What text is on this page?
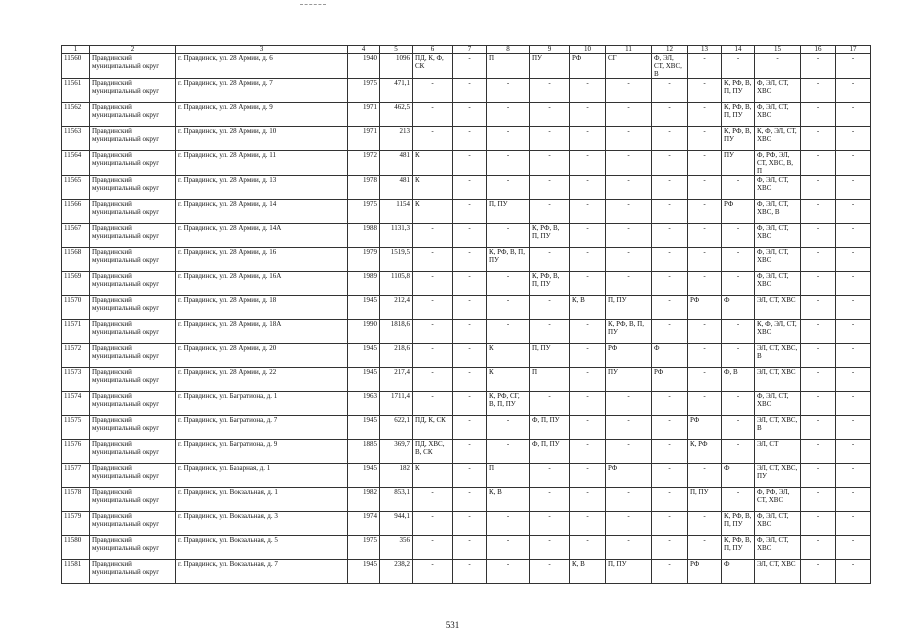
1	2	3	4	5	6	7	8	9	10	11	12	13	14	15	16	17
11560	Правдинский муниципальный округ	г. Правдинск, ул. 28 Армии, д. 6	1940	1096	ПД, К, Ф, СК	-	П	ПУ	РФ	СГ	Ф, ЭЛ, СТ, ХВС, В	-	-	-	-	-
11561	Правдинский муниципальный округ	г. Правдинск, ул. 28 Армии, д. 7	1975	471,1	-	-	-	-	-	-	-	-	К, РФ, В, П, ПУ	Ф, ЭЛ, СТ, ХВС	-	-
11562	Правдинский муниципальный округ	г. Правдинск, ул. 28 Армии, д. 9	1971	462,5	-	-	-	-	-	-	-	-	К, РФ, В, П, ПУ	Ф, ЭЛ, СТ, ХВС	-	-
11563	Правдинский муниципальный округ	г. Правдинск, ул. 28 Армии, д. 10	1971	213	-	-	-	-	-	-	-	-	К, РФ, В, ПУ	К, Ф, ЭЛ, СТ, ХВС	-	-
11564	Правдинский муниципальный округ	г. Правдинск, ул. 28 Армии, д. 11	1972	481	К	-	-	-	-	-	-	-	ПУ	Ф, РФ, ЭЛ, СТ, ХВС, В, П	-	-
11565	Правдинский муниципальный округ	г. Правдинск, ул. 28 Армии, д. 13	1978	481	К	-	-	-	-	-	-	-	-	Ф, ЭЛ, СТ, ХВС	-	-
11566	Правдинский муниципальный округ	г. Правдинск, ул. 28 Армии, д. 14	1975	1154	К	-	П, ПУ	-	-	-	-	-	РФ	Ф, ЭЛ, СТ, ХВС, В	-	-
11567	Правдинский муниципальный округ	г. Правдинск, ул. 28 Армии, д. 14А	1988	1131,3	-	-	-	К, РФ, В, П, ПУ	-	-	-	-	-	Ф, ЭЛ, СТ, ХВС	-	-
11568	Правдинский муниципальный округ	г. Правдинск, ул. 28 Армии, д. 16	1979	1519,5	-	-	К, РФ, В, П, ПУ	-	-	-	-	-	-	Ф, ЭЛ, СТ, ХВС	-	-
11569	Правдинский муниципальный округ	г. Правдинск, ул. 28 Армии, д. 16А	1989	1105,8	-	-	-	К, РФ, В, П, ПУ	-	-	-	-	-	Ф, ЭЛ, СТ, ХВС	-	-
11570	Правдинский муниципальный округ	г. Правдинск, ул. 28 Армии, д. 18	1945	212,4	-	-	-	-	К, В	П, ПУ	-	РФ	Ф	ЭЛ, СТ, ХВС	-	-
11571	Правдинский муниципальный округ	г. Правдинск, ул. 28 Армии, д. 18А	1990	1818,6	-	-	-	-	-	К, РФ, В, П, ПУ	-	-	-	К, Ф, ЭЛ, СТ, ХВС	-	-
11572	Правдинский муниципальный округ	г. Правдинск, ул. 28 Армии, д. 20	1945	218,6	-	-	К	П, ПУ	-	РФ	Ф	-	-	ЭЛ, СТ, ХВС, В	-	-
11573	Правдинский муниципальный округ	г. Правдинск, ул. 28 Армии, д. 22	1945	217,4	-	-	К	П	-	ПУ	РФ	-	Ф, В	ЭЛ, СТ, ХВС	-	-
11574	Правдинский муниципальный округ	г. Правдинск, ул. Багратиона, д. 1	1963	1711,4	-	-	К, РФ, СГ, В, П, ПУ	-	-	-	-	-	-	Ф, ЭЛ, СТ, ХВС	-	-
11575	Правдинский муниципальный округ	г. Правдинск, ул. Багратиона, д. 7	1945	622,1	ПД, К, СК	-	-	Ф, П, ПУ	-	-	-	РФ	-	ЭЛ, СТ, ХВС, В	-	-
11576	Правдинский муниципальный округ	г. Правдинск, ул. Багратиона, д. 9	1885	369,7	ПД, ХВС, В, СК	-	-	Ф, П, ПУ	-	-	-	К, РФ	-	ЭЛ, СТ	-	-
11577	Правдинский муниципальный округ	г. Правдинск, ул. Базарная, д. 1	1945	182	К	-	П	-	-	РФ	-	-	Ф	ЭЛ, СТ, ХВС, ПУ	-	-
11578	Правдинский муниципальный округ	г. Правдинск, ул. Вокзальная, д. 1	1982	853,1	-	-	К, В	-	-	-	-	П, ПУ	-	Ф, РФ, ЭЛ, СТ, ХВС	-	-
11579	Правдинский муниципальный округ	г. Правдинск, ул. Вокзальная, д. 3	1974	944,1	-	-	-	-	-	-	-	-	К, РФ, В, П, ПУ	Ф, ЭЛ, СТ, ХВС	-	-
11580	Правдинский муниципальный округ	г. Правдинск, ул. Вокзальная, д. 5	1975	356	-	-	-	-	-	-	-	-	К, РФ, В, П, ПУ	Ф, ЭЛ, СТ, ХВС	-	-
11581	Правдинский муниципальный округ	г. Правдинск, ул. Вокзальная, д. 7	1945	238,2	-	-	-	-	К, В	П, ПУ	-	РФ	Ф	ЭЛ, СТ, ХВС	-	-
531
